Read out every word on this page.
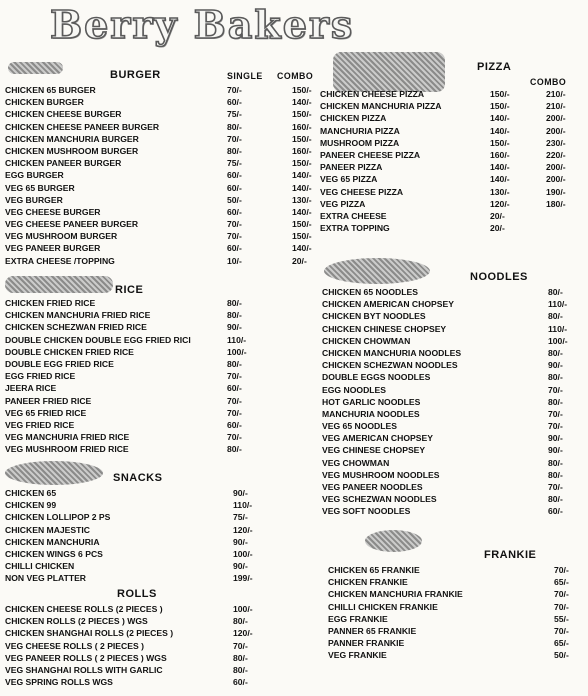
Berry Bakers
BURGER	SINGLE COMBO
CHICKEN 65 BURGER	70/-	150/-
CHICKEN BURGER	60/-	140/-
CHICKEN CHEESE BURGER	75/-	150/-
CHICKEN CHEESE PANEER BURGER	80/-	160/-
CHICKEN MANCHURIA BURGER	70/-	150/-
CHICKEN MUSHROOM BURGER	80/-	160/-
CHICKEN PANEER BURGER	75/-	150/-
EGG BURGER	60/-	140/-
VEG 65 BURGER	60/-	140/-
VEG BURGER	50/-	130/-
VEG CHEESE BURGER	60/-	140/-
VEG CHEESE PANEER BURGER	70/-	150/-
VEG MUSHROOM BURGER	70/-	150/-
VEG PANEER BURGER	60/-	140/-
EXTRA CHEESE /TOPPING	10/-	20/-
RICE
CHICKEN FRIED RICE	80/-
CHICKEN MANCHURIA FRIED RICE	80/-
CHICKEN SCHEZWAN FRIED RICE	90/-
DOUBLE CHICKEN DOUBLE EGG FRIED RICI	110/-
DOUBLE CHICKEN FRIED RICE	100/-
DOUBLE EGG FRIED RICE	80/-
EGG FRIED RICE	70/-
JEERA RICE	60/-
PANEER FRIED RICE	70/-
VEG 65 FRIED RICE	70/-
VEG FRIED RICE	60/-
VEG MANCHURIA FRIED RICE	70/-
VEG MUSHROOM FRIED RICE	80/-
SNACKS
CHICKEN 65	90/-
CHICKEN 99	110/-
CHICKEN LOLLIPOP 2 PS	75/-
CHICKEN MAJESTIC	120/-
CHICKEN MANCHURIA	90/-
CHICKEN WINGS 6 PCS	100/-
CHILLI CHICKEN	90/-
NON VEG PLATTER	199/-
ROLLS
CHICKEN CHEESE ROLLS (2 PIECES )	100/-
CHICKEN ROLLS (2 PIECES ) WGS	80/-
CHICKEN SHANGHAI ROLLS (2 PIECES )	120/-
VEG CHEESE ROLLS ( 2 PIECES )	70/-
VEG PANEER ROLLS ( 2 PIECES ) WGS	80/-
VEG SHANGHAI ROLLS WITH GARLIC	80/-
VEG SPRING ROLLS WGS	60/-
PIZZA
COMBO
CHICKEN CHEESE PIZZA	150/-	210/-
CHICKEN MANCHURIA PIZZA	150/-	210/-
CHICKEN PIZZA	140/-	200/-
MANCHURIA PIZZA	140/-	200/-
MUSHROOM PIZZA	150/-	230/-
PANEER CHEESE PIZZA	160/-	220/-
PANEER PIZZA	140/-	200/-
VEG 65 PIZZA	140/-	200/-
VEG CHEESE PIZZA	130/-	190/-
VEG PIZZA	120/-	180/-
EXTRA CHEESE	20/-
EXTRA TOPPING	20/-
NOODLES
CHICKEN 65 NOODLES	80/-
CHICKEN AMERICAN CHOPSEY	110/-
CHICKEN BYT NOODLES	80/-
CHICKEN CHINESE CHOPSEY	110/-
CHICKEN CHOWMAN	100/-
CHICKEN MANCHURIA NOODLES	80/-
CHICKEN SCHEZWAN NOODLES	90/-
DOUBLE EGGS NOODLES	80/-
EGG NOODLES	70/-
HOT GARLIC NOODLES	80/-
MANCHURIA NOODLES	70/-
VEG 65 NOODLES	70/-
VEG AMERICAN CHOPSEY	90/-
VEG CHINESE CHOPSEY	90/-
VEG CHOWMAN	80/-
VEG MUSHROOM NOODLES	80/-
VEG PANEER NOODLES	70/-
VEG SCHEZWAN NOODLES	80/-
VEG SOFT NOODLES	60/-
FRANKIE
CHICKEN 65 FRANKIE	70/-
CHICKEN FRANKIE	65/-
CHICKEN MANCHURIA FRANKIE	70/-
CHILLI CHICKEN FRANKIE	70/-
EGG FRANKIE	55/-
PANNER 65 FRANKIE	70/-
PANNER FRANKIE	65/-
VEG FRANKIE	50/-
